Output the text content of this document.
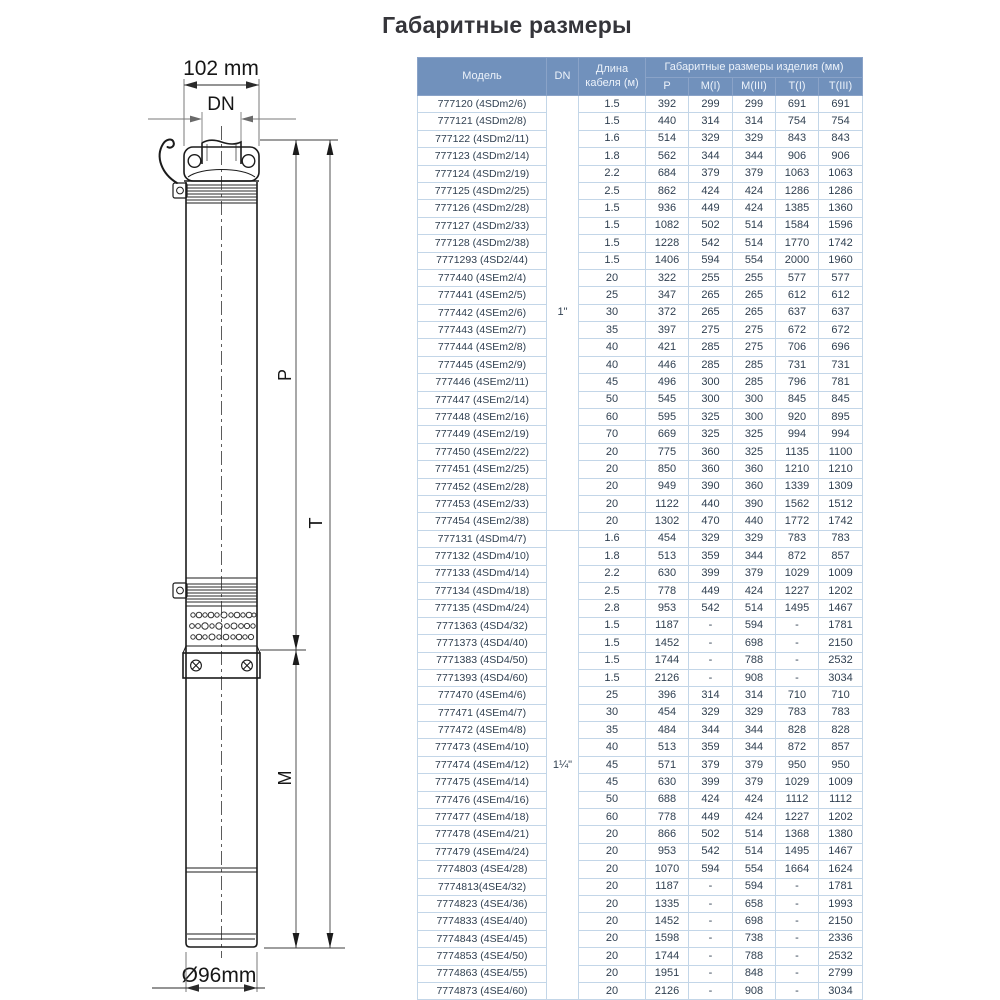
Габаритные размеры
102 mm
DN
P
T
M
Ø96mm
Модель	DN	Длина кабеля (м)	Габаритные размеры изделия (мм)				
			P	M(I)	M(III)	T(I)	T(III)
777120 (4SDm2/6)	1"	1.5	392	299	299	691	691
777121 (4SDm2/8)		1.5	440	314	314	754	754
777122 (4SDm2/11)		1.6	514	329	329	843	843
777123 (4SDm2/14)		1.8	562	344	344	906	906
777124 (4SDm2/19)		2.2	684	379	379	1063	1063
777125 (4SDm2/25)		2.5	862	424	424	1286	1286
777126 (4SDm2/28)		1.5	936	449	424	1385	1360
777127 (4SDm2/33)		1.5	1082	502	514	1584	1596
777128 (4SDm2/38)		1.5	1228	542	514	1770	1742
7771293 (4SD2/44)		1.5	1406	594	554	2000	1960
777440 (4SEm2/4)		20	322	255	255	577	577
777441 (4SEm2/5)		25	347	265	265	612	612
777442 (4SEm2/6)		30	372	265	265	637	637
777443 (4SEm2/7)		35	397	275	275	672	672
777444 (4SEm2/8)		40	421	285	275	706	696
777445 (4SEm2/9)		40	446	285	285	731	731
777446 (4SEm2/11)		45	496	300	285	796	781
777447 (4SEm2/14)		50	545	300	300	845	845
777448 (4SEm2/16)		60	595	325	300	920	895
777449 (4SEm2/19)		70	669	325	325	994	994
777450 (4SEm2/22)		20	775	360	325	1135	1100
777451 (4SEm2/25)		20	850	360	360	1210	1210
777452 (4SEm2/28)		20	949	390	360	1339	1309
777453 (4SEm2/33)		20	1122	440	390	1562	1512
777454 (4SEm2/38)		20	1302	470	440	1772	1742
777131 (4SDm4/7)	1¼"	1.6	454	329	329	783	783
777132 (4SDm4/10)		1.8	513	359	344	872	857
777133 (4SDm4/14)		2.2	630	399	379	1029	1009
777134 (4SDm4/18)		2.5	778	449	424	1227	1202
777135 (4SDm4/24)		2.8	953	542	514	1495	1467
7771363 (4SD4/32)		1.5	1187	-	594	-	1781
7771373 (4SD4/40)		1.5	1452	-	698	-	2150
7771383 (4SD4/50)		1.5	1744	-	788	-	2532
7771393 (4SD4/60)		1.5	2126	-	908	-	3034
777470 (4SEm4/6)		25	396	314	314	710	710
777471 (4SEm4/7)		30	454	329	329	783	783
777472 (4SEm4/8)		35	484	344	344	828	828
777473 (4SEm4/10)		40	513	359	344	872	857
777474 (4SEm4/12)		45	571	379	379	950	950
777475 (4SEm4/14)		45	630	399	379	1029	1009
777476 (4SEm4/16)		50	688	424	424	1112	1112
777477 (4SEm4/18)		60	778	449	424	1227	1202
777478 (4SEm4/21)		20	866	502	514	1368	1380
777479 (4SEm4/24)		20	953	542	514	1495	1467
7774803 (4SE4/28)		20	1070	594	554	1664	1624
7774813(4SE4/32)		20	1187	-	594	-	1781
7774823 (4SE4/36)		20	1335	-	658	-	1993
7774833 (4SE4/40)		20	1452	-	698	-	2150
7774843 (4SE4/45)		20	1598	-	738	-	2336
7774853 (4SE4/50)		20	1744	-	788	-	2532
7774863 (4SE4/55)		20	1951	-	848	-	2799
7774873 (4SE4/60)		20	2126	-	908	-	3034
